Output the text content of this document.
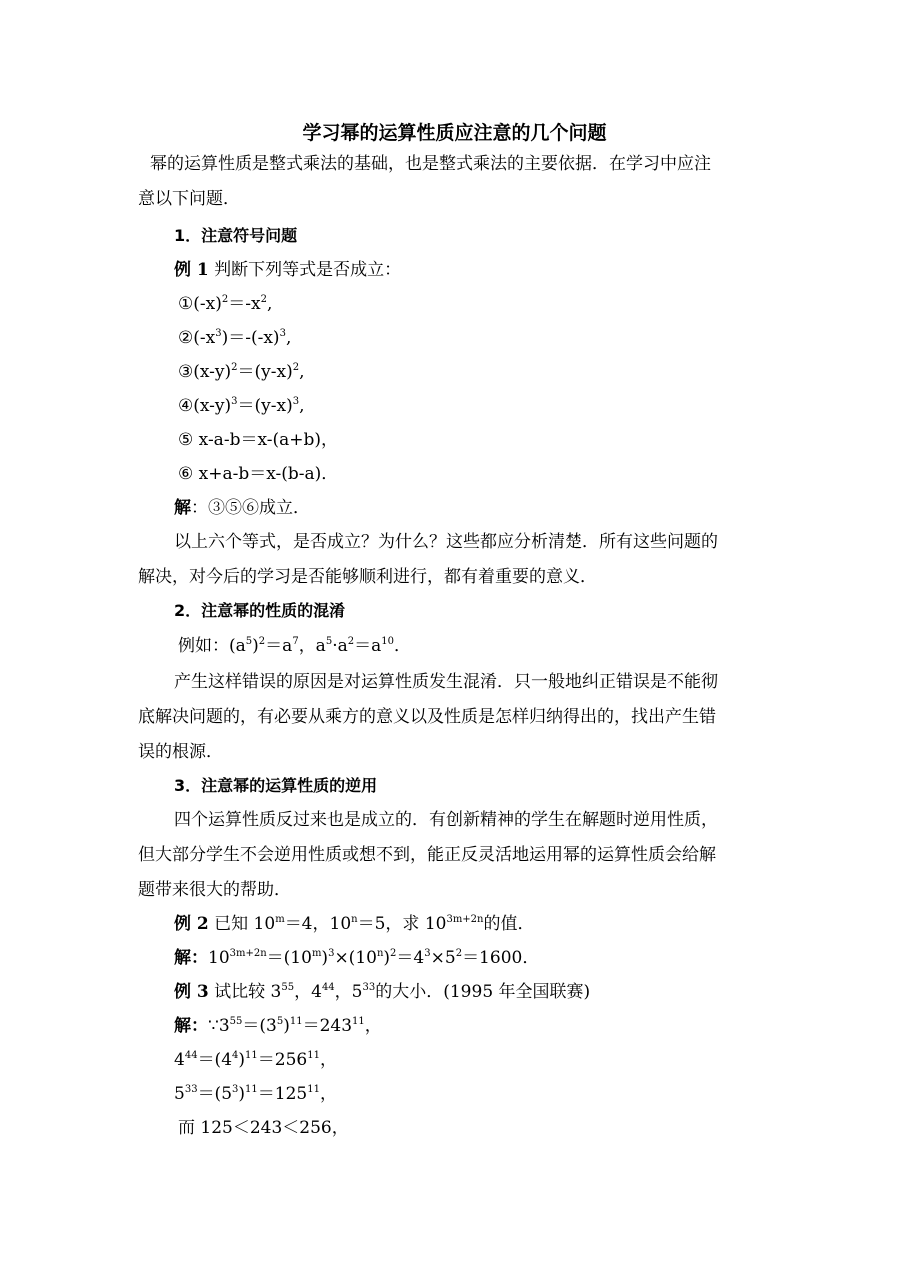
学习幂的运算性质应注意的几个问题
幂的运算性质是整式乘法的基础，也是整式乘法的主要依据．在学习中应注
意以下问题．
1．注意符号问题
例 1 判断下列等式是否成立：
$①(-x)^2=-x^2$,
$②(-x^3)=-(-x)^3$,
$③(x-y)^2=(y-x)^2$,
$④(x-y)^3=(y-x)^3$,
⑤ x-a-b＝x-(a+b)，
⑥ x+a-b＝x-(b-a)．
解：③⑤⑥成立．
以上六个等式，是否成立？为什么？这些都应分析清楚．所有这些问题的
解决，对今后的学习是否能够顺利进行，都有着重要的意义．
2．注意幂的性质的混淆
例如：$(a^5)^2=a^7$，$a^5\cdot a^2=a^{10}$．
产生这样错误的原因是对运算性质发生混淆．只一般地纠正错误是不能彻
底解决问题的，有必要从乘方的意义以及性质是怎样归纳得出的，找出产生错
误的根源．
3．注意幂的运算性质的逆用
四个运算性质反过来也是成立的．有创新精神的学生在解题时逆用性质，
但大部分学生不会逆用性质或想不到，能正反灵活地运用幂的运算性质会给解
题带来很大的帮助．
例 2 已知 $10^m=4$，$10^n=5$，求 $10^{3m+2n}$的值．
解：$10^{3m+2n}=(10^m)^3\times(10^n)^2=4^3\times 5^2=1600$．
例 3 试比较 $3^{55}$，$4^{44}$，$5^{33}$的大小．(1995 年全国联赛)
解：$\because 3^{55}=(3^5)^{11}=243^{11}$，
$4^{44}=(4^4)^{11}=256^{11}$，
$5^{33}=(5^3)^{11}=125^{11}$，
而 125＜243＜256，
